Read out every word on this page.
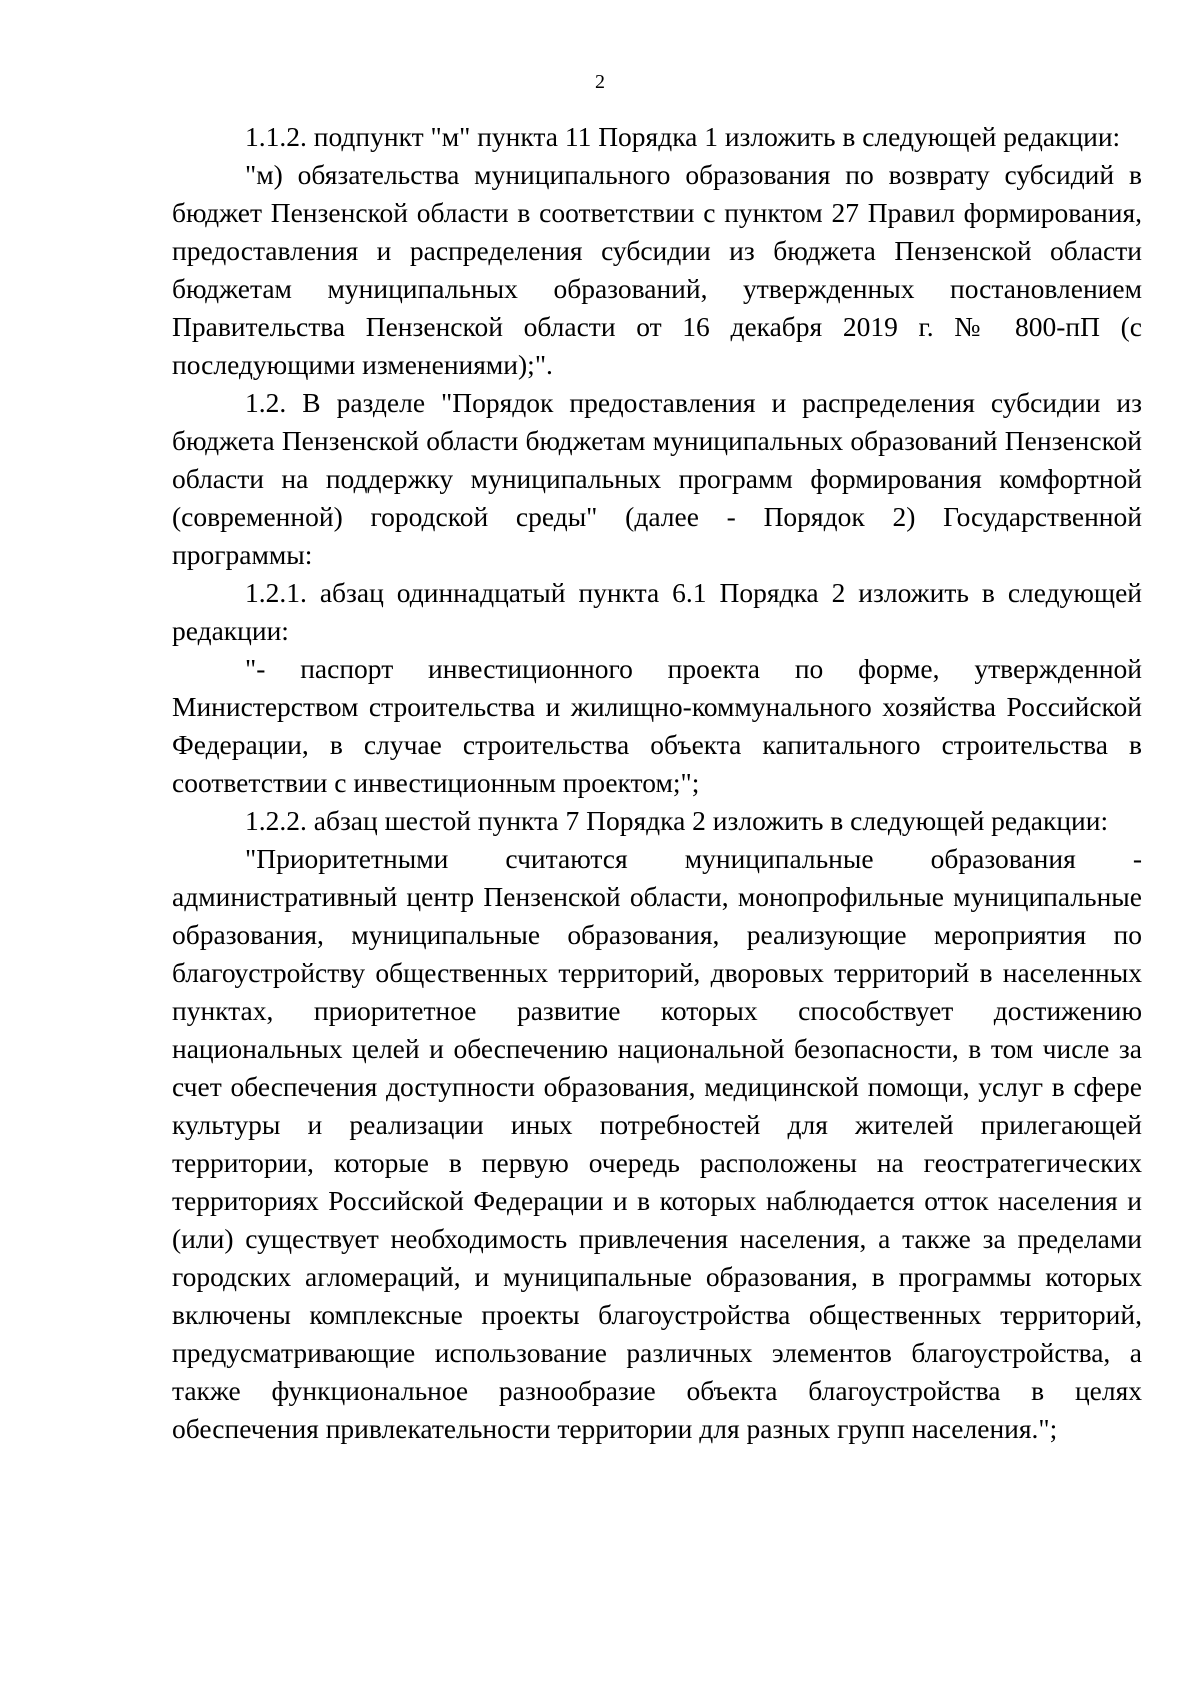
2

1.1.2. подпункт "м" пункта 11 Порядка 1 изложить в следующей редакции:

"м) обязательства муниципального образования по возврату субсидий в бюджет Пензенской области в соответствии с пунктом 27 Правил формирования, предоставления и распределения субсидии из бюджета Пензенской области бюджетам муниципальных образований, утвержденных постановлением Правительства Пензенской области от 16 декабря 2019 г. № 800-пП (с последующими изменениями);".

1.2. В разделе "Порядок предоставления и распределения субсидии из бюджета Пензенской области бюджетам муниципальных образований Пензенской области на поддержку муниципальных программ формирования комфортной (современной) городской среды" (далее - Порядок 2) Государственной программы:

1.2.1. абзац одиннадцатый пункта 6.1 Порядка 2 изложить в следующей редакции:

"- паспорт инвестиционного проекта по форме, утвержденной Министерством строительства и жилищно-коммунального хозяйства Российской Федерации, в случае строительства объекта капитального строительства в соответствии с инвестиционным проектом;";

1.2.2. абзац шестой пункта 7 Порядка 2 изложить в следующей редакции:

"Приоритетными считаются муниципальные образования - административный центр Пензенской области, монопрофильные муниципальные образования, муниципальные образования, реализующие мероприятия по благоустройству общественных территорий, дворовых территорий в населенных пунктах, приоритетное развитие которых способствует достижению национальных целей и обеспечению национальной безопасности, в том числе за счет обеспечения доступности образования, медицинской помощи, услуг в сфере культуры и реализации иных потребностей для жителей прилегающей территории, которые в первую очередь расположены на геостратегических территориях Российской Федерации и в которых наблюдается отток населения и (или) существует необходимость привлечения населения, а также за пределами городских агломераций, и муниципальные образования, в программы которых включены комплексные проекты благоустройства общественных территорий, предусматривающие использование различных элементов благоустройства, а также функциональное разнообразие объекта благоустройства в целях обеспечения привлекательности территории для разных групп населения.";
